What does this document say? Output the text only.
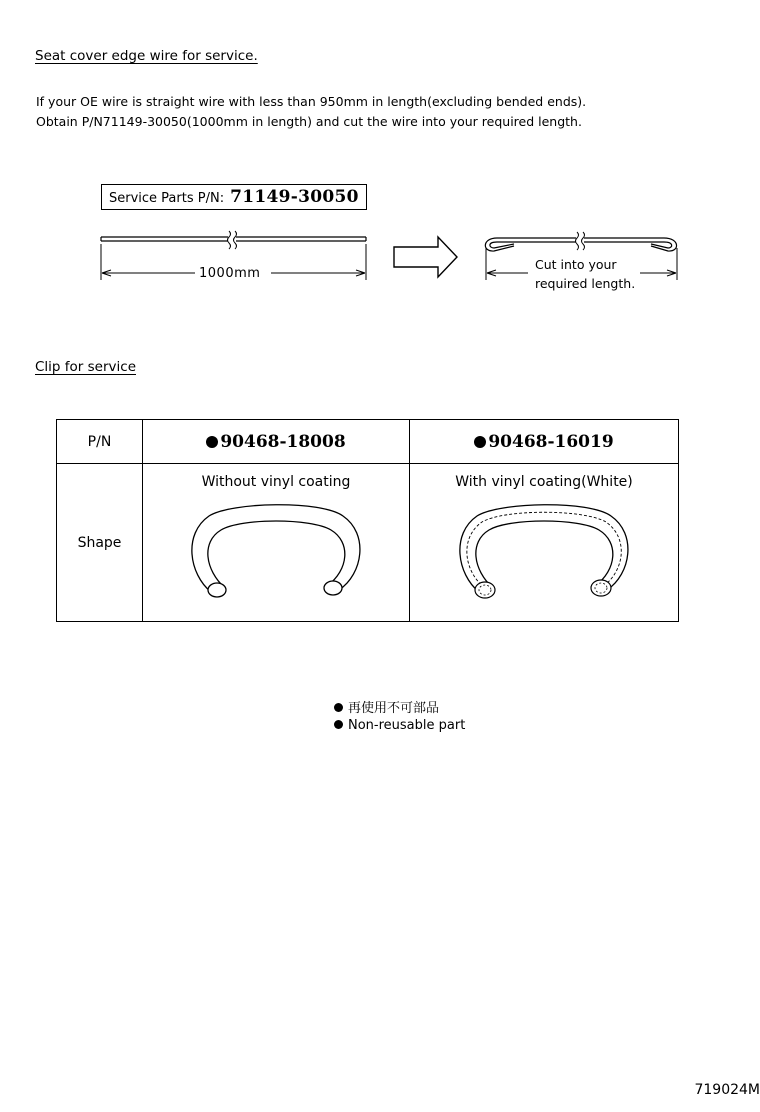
Seat cover edge wire for service.
If your OE wire is straight wire with less than 950mm in length(excluding bended ends).
Obtain P/N71149-30050(1000mm in length) and cut the wire into your required length.
Service Parts P/N: 71149-30050
1000mm
Cut into your
required length.
Clip for service
P/N	90468-18008	90468-16019
Shape	Without vinyl coating	With vinyl coating(White)
再使用不可部品
Non-reusable part
719024M
